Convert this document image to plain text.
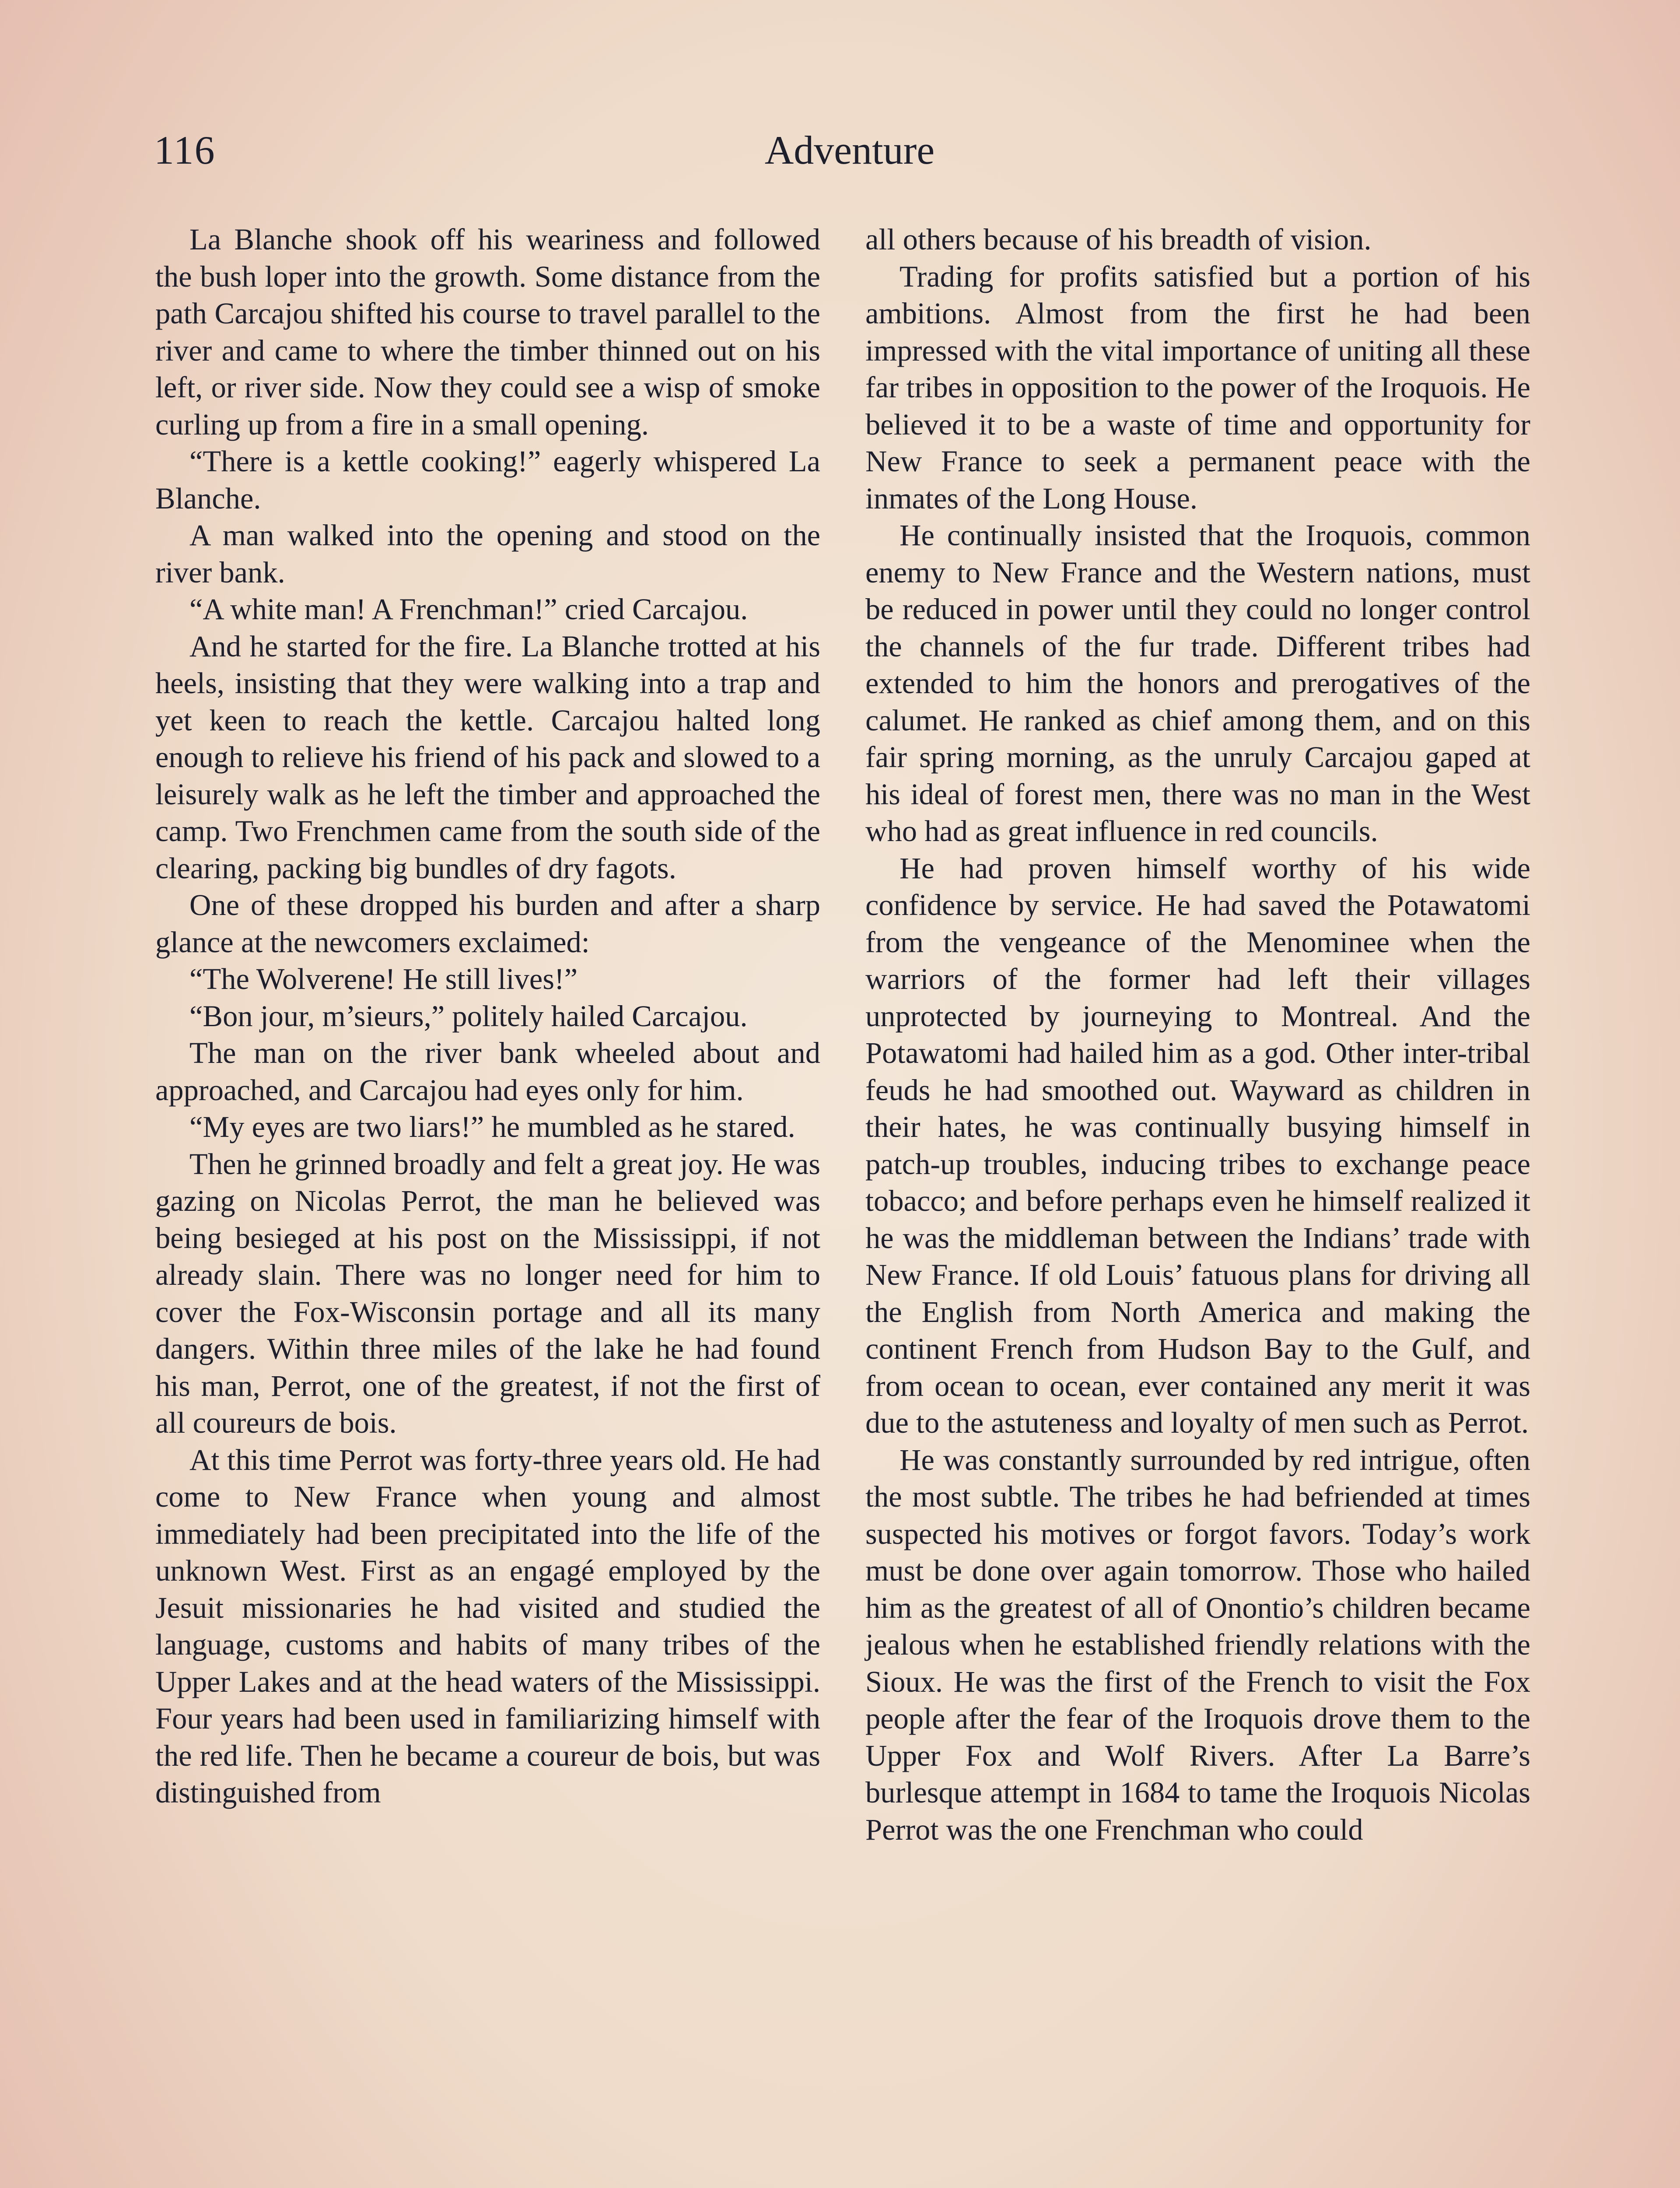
116	Adventure

La Blanche shook off his weariness and followed the bush loper into the growth. Some distance from the path Carcajou shifted his course to travel parallel to the river and came to where the timber thinned out on his left, or river side. Now they could see a wisp of smoke curling up from a fire in a small opening.

“There is a kettle cooking!” eagerly whispered La Blanche.

A man walked into the opening and stood on the river bank.

“A white man! A Frenchman!” cried Carcajou.

And he started for the fire. La Blanche trotted at his heels, insisting that they were walking into a trap and yet keen to reach the kettle. Carcajou halted long enough to relieve his friend of his pack and slowed to a leisurely walk as he left the timber and approached the camp. Two Frenchmen came from the south side of the clearing, packing big bundles of dry fagots.

One of these dropped his burden and after a sharp glance at the newcomers exclaimed:

“The Wolverene! He still lives!”

“Bon jour, m’sieurs,” politely hailed Carcajou.

The man on the river bank wheeled about and approached, and Carcajou had eyes only for him.

“My eyes are two liars!” he mumbled as he stared.

Then he grinned broadly and felt a great joy. He was gazing on Nicolas Perrot, the man he believed was being besieged at his post on the Mississippi, if not already slain. There was no longer need for him to cover the Fox-Wisconsin portage and all its many dangers. Within three miles of the lake he had found his man, Perrot, one of the greatest, if not the first of all coureurs de bois.

At this time Perrot was forty-three years old. He had come to New France when young and almost immediately had been precipitated into the life of the unknown West. First as an engagé employed by the Jesuit missionaries he had visited and studied the language, customs and habits of many tribes of the Upper Lakes and at the head waters of the Mississippi. Four years had been used in familiarizing himself with the red life. Then he became a coureur de bois, but was distinguished from

all others because of his breadth of vision.

Trading for profits satisfied but a portion of his ambitions. Almost from the first he had been impressed with the vital importance of uniting all these far tribes in opposition to the power of the Iroquois. He believed it to be a waste of time and opportunity for New France to seek a permanent peace with the inmates of the Long House.

He continually insisted that the Iroquois, common enemy to New France and the Western nations, must be reduced in power until they could no longer control the channels of the fur trade. Different tribes had extended to him the honors and prerogatives of the calumet. He ranked as chief among them, and on this fair spring morning, as the unruly Carcajou gaped at his ideal of forest men, there was no man in the West who had as great influence in red councils.

He had proven himself worthy of his wide confidence by service. He had saved the Potawatomi from the vengeance of the Menominee when the warriors of the former had left their villages unprotected by journeying to Montreal. And the Potawatomi had hailed him as a god. Other inter-tribal feuds he had smoothed out. Wayward as children in their hates, he was continually busying himself in patch-up troubles, inducing tribes to exchange peace tobacco; and before perhaps even he himself realized it he was the middleman between the Indians’ trade with New France. If old Louis’ fatuous plans for driving all the English from North America and making the continent French from Hudson Bay to the Gulf, and from ocean to ocean, ever contained any merit it was due to the astuteness and loyalty of men such as Perrot.

He was constantly surrounded by red intrigue, often the most subtle. The tribes he had befriended at times suspected his motives or forgot favors. Today’s work must be done over again tomorrow. Those who hailed him as the greatest of all of Onontio’s children became jealous when he established friendly relations with the Sioux. He was the first of the French to visit the Fox people after the fear of the Iroquois drove them to the Upper Fox and Wolf Rivers. After La Barre’s burlesque attempt in 1684 to tame the Iroquois Nicolas Perrot was the one Frenchman who could
